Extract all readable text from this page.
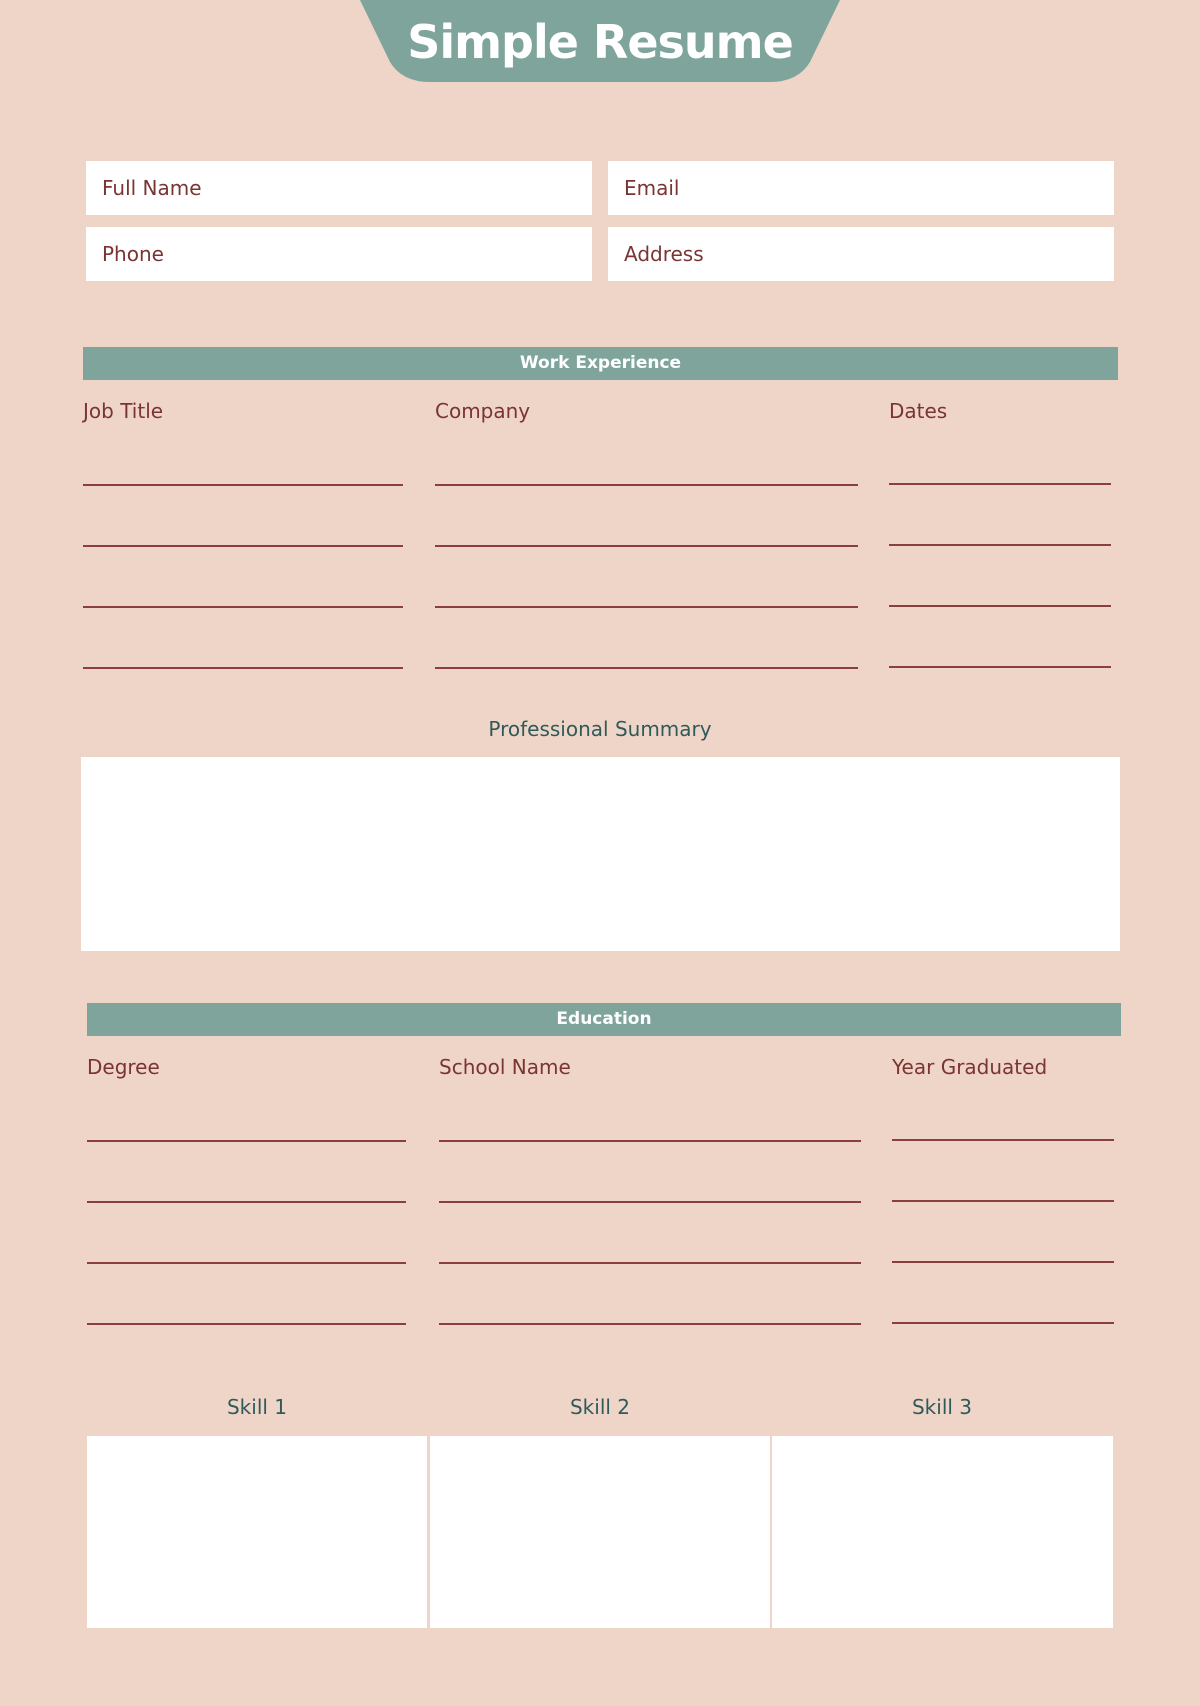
Simple Resume
Full Name	Email
Phone	Address
Work Experience
Job Title	Company	Dates
Professional Summary
Education
Degree	School Name	Year Graduated
Skill 1	Skill 2	Skill 3
